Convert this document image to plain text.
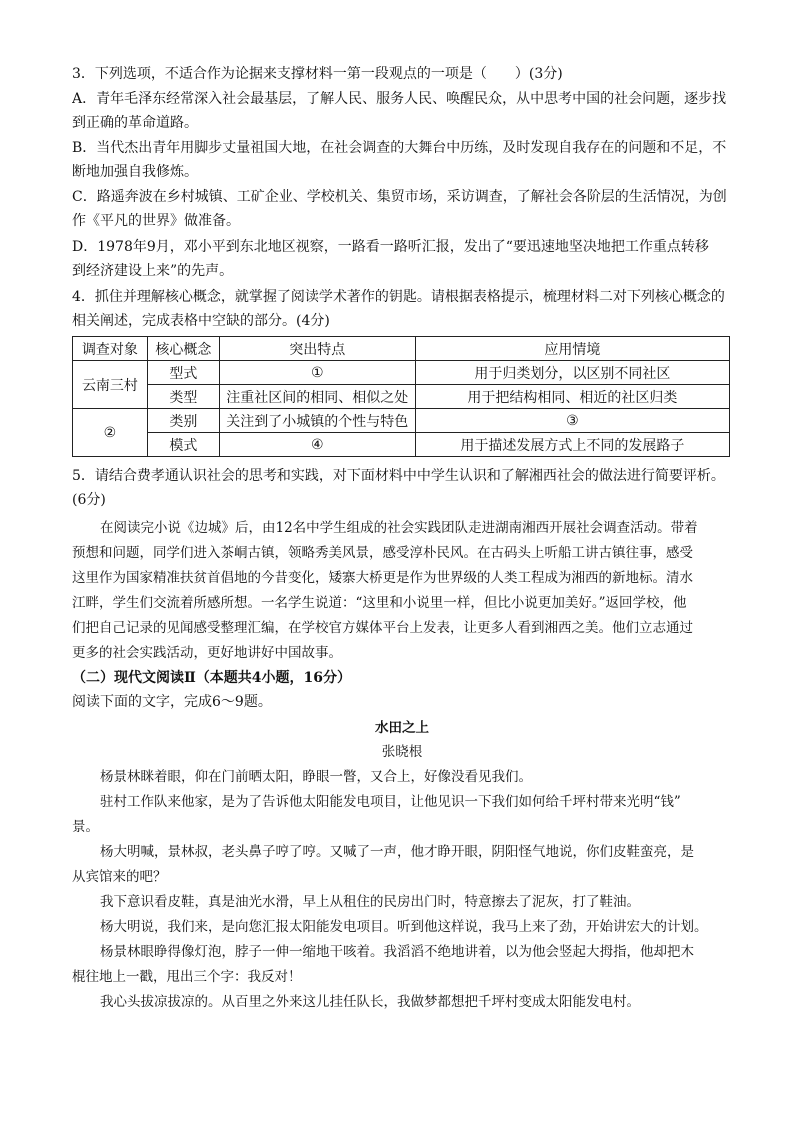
3．下列选项，不适合作为论据来支撑材料一第一段观点的一项是（　　）(3分)
A．青年毛泽东经常深入社会最基层，了解人民、服务人民、唤醒民众，从中思考中国的社会问题，逐步找
到正确的革命道路。
B．当代杰出青年用脚步丈量祖国大地，在社会调查的大舞台中历练，及时发现自我存在的问题和不足，不
断地加强自我修炼。
C．路遥奔波在乡村城镇、工矿企业、学校机关、集贸市场，采访调查，了解社会各阶层的生活情况，为创
作《平凡的世界》做准备。
D．1978年9月，邓小平到东北地区视察，一路看一路听汇报，发出了“要迅速地坚决地把工作重点转移
到经济建设上来”的先声。
4．抓住并理解核心概念，就掌握了阅读学术著作的钥匙。请根据表格提示，梳理材料二对下列核心概念的
相关阐述，完成表格中空缺的部分。(4分)
调查对象	核心概念	突出特点	应用情境
云南三村	型式	①	用于归类划分，以区别不同社区
	类型	注重社区间的相同、相似之处	用于把结构相同、相近的社区归类
②	类别	关注到了小城镇的个性与特色	③
	模式	④	用于描述发展方式上不同的发展路子
5．请结合费孝通认识社会的思考和实践，对下面材料中中学生认识和了解湘西社会的做法进行简要评析。
(6分)
在阅读完小说《边城》后，由12名中学生组成的社会实践团队走进湖南湘西开展社会调查活动。带着
预想和问题，同学们进入茶峒古镇，领略秀美风景，感受淳朴民风。在古码头上听船工讲古镇往事，感受
这里作为国家精准扶贫首倡地的今昔变化，矮寨大桥更是作为世界级的人类工程成为湘西的新地标。清水
江畔，学生们交流着所感所想。一名学生说道：“这里和小说里一样，但比小说更加美好。”返回学校，他
们把自己记录的见闻感受整理汇编，在学校官方媒体平台上发表，让更多人看到湘西之美。他们立志通过
更多的社会实践活动，更好地讲好中国故事。
（二）现代文阅读Ⅱ（本题共4小题，16分）
阅读下面的文字，完成6～9题。
水田之上
张晓根
杨景林眯着眼，仰在门前晒太阳，睁眼一瞥，又合上，好像没看见我们。
驻村工作队来他家，是为了告诉他太阳能发电项目，让他见识一下我们如何给千坪村带来光明“钱”
景。
杨大明喊，景林叔，老头鼻子哼了哼。又喊了一声，他才睁开眼，阴阳怪气地说，你们皮鞋蛮亮，是
从宾馆来的吧？
我下意识看皮鞋，真是油光水滑，早上从租住的民房出门时，特意擦去了泥灰，打了鞋油。
杨大明说，我们来，是向您汇报太阳能发电项目。听到他这样说，我马上来了劲，开始讲宏大的计划。
杨景林眼睁得像灯泡，脖子一伸一缩地干咳着。我滔滔不绝地讲着，以为他会竖起大拇指，他却把木
棍往地上一戳，甩出三个字：我反对！
我心头拔凉拔凉的。从百里之外来这儿挂任队长，我做梦都想把千坪村变成太阳能发电村。
